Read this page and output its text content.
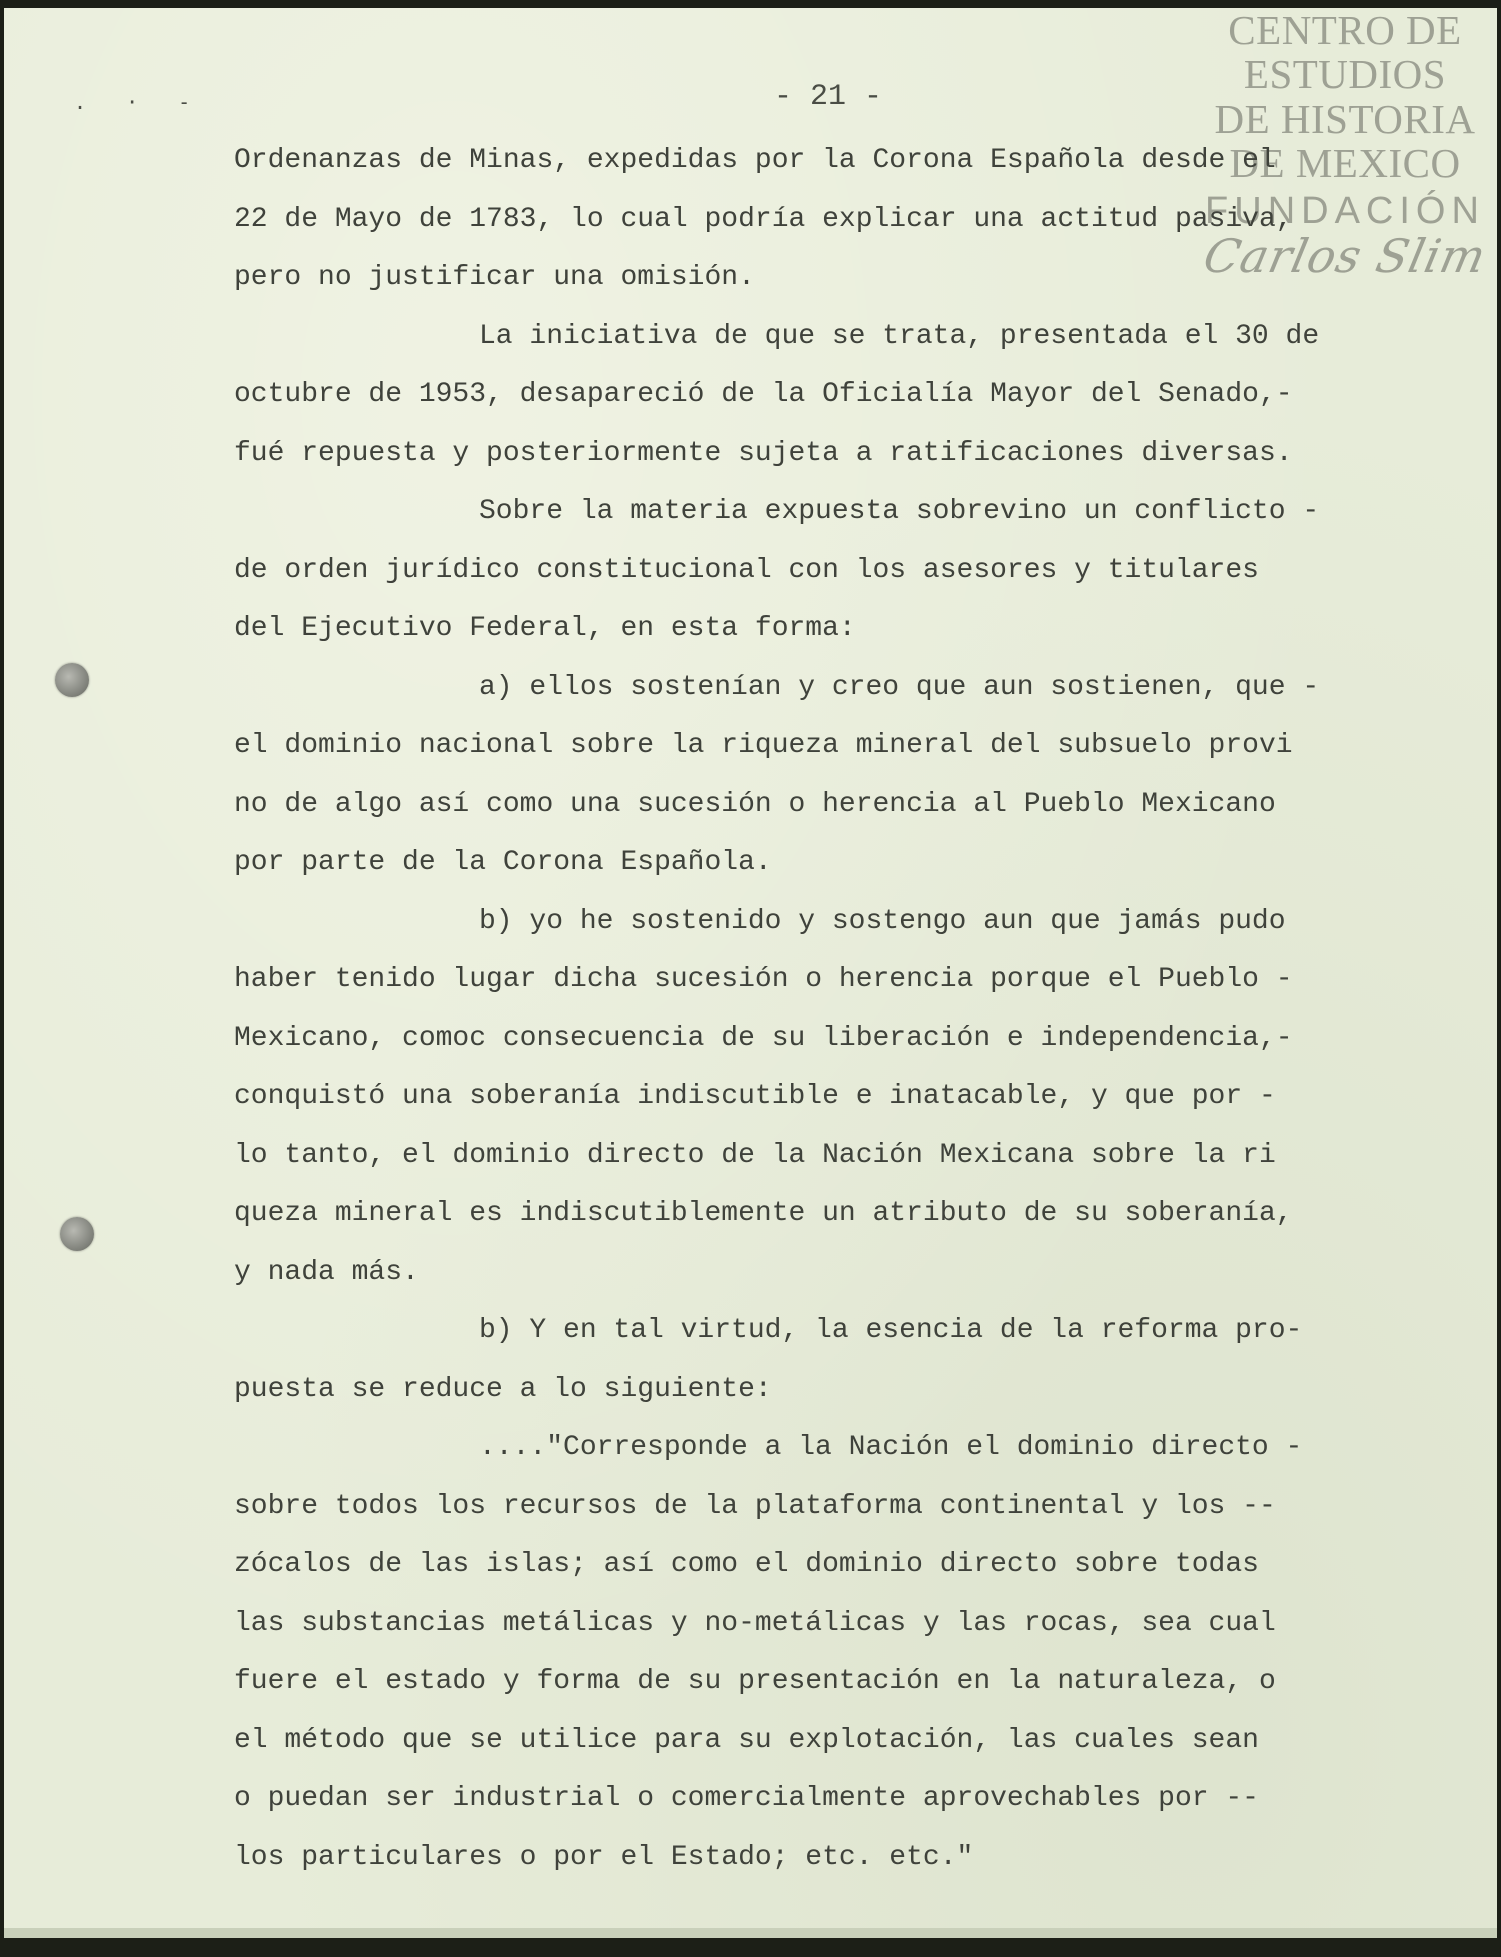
CENTRO DE
ESTUDIOS
DE HISTORIA
DE MEXICO
FUNDACIÓN
Carlos Slim
. · -	- 21 -
Ordenanzas de Minas, expedidas por la Corona Española desde el
22 de Mayo de 1783, lo cual podría explicar una actitud pasiva,
pero no justificar una omisión.
La iniciativa de que se trata, presentada el 30 de
octubre de 1953, desapareció de la Oficialía Mayor del Senado,-
fué repuesta y posteriormente sujeta a ratificaciones diversas.
Sobre la materia expuesta sobrevino un conflicto -
de orden jurídico constitucional con los asesores y titulares
del Ejecutivo Federal, en esta forma:
a) ellos sostenían y creo que aun sostienen, que -
el dominio nacional sobre la riqueza mineral del subsuelo provi
no de algo así como una sucesión o herencia al Pueblo Mexicano
por parte de la Corona Española.
b) yo he sostenido y sostengo aun que jamás pudo
haber tenido lugar dicha sucesión o herencia porque el Pueblo -
Mexicano, comoc consecuencia de su liberación e independencia,-
conquistó una soberanía indiscutible e inatacable, y que por -
lo tanto, el dominio directo de la Nación Mexicana sobre la ri
queza mineral es indiscutiblemente un atributo de su soberanía,
y nada más.
b) Y en tal virtud, la esencia de la reforma pro-
puesta se reduce a lo siguiente:
...."Corresponde a la Nación el dominio directo -
sobre todos los recursos de la plataforma continental y los --
zócalos de las islas; así como el dominio directo sobre todas
las substancias metálicas y no-metálicas y las rocas, sea cual
fuere el estado y forma de su presentación en la naturaleza, o
el método que se utilice para su explotación, las cuales sean
o puedan ser industrial o comercialmente aprovechables por --
los particulares o por el Estado; etc. etc."
